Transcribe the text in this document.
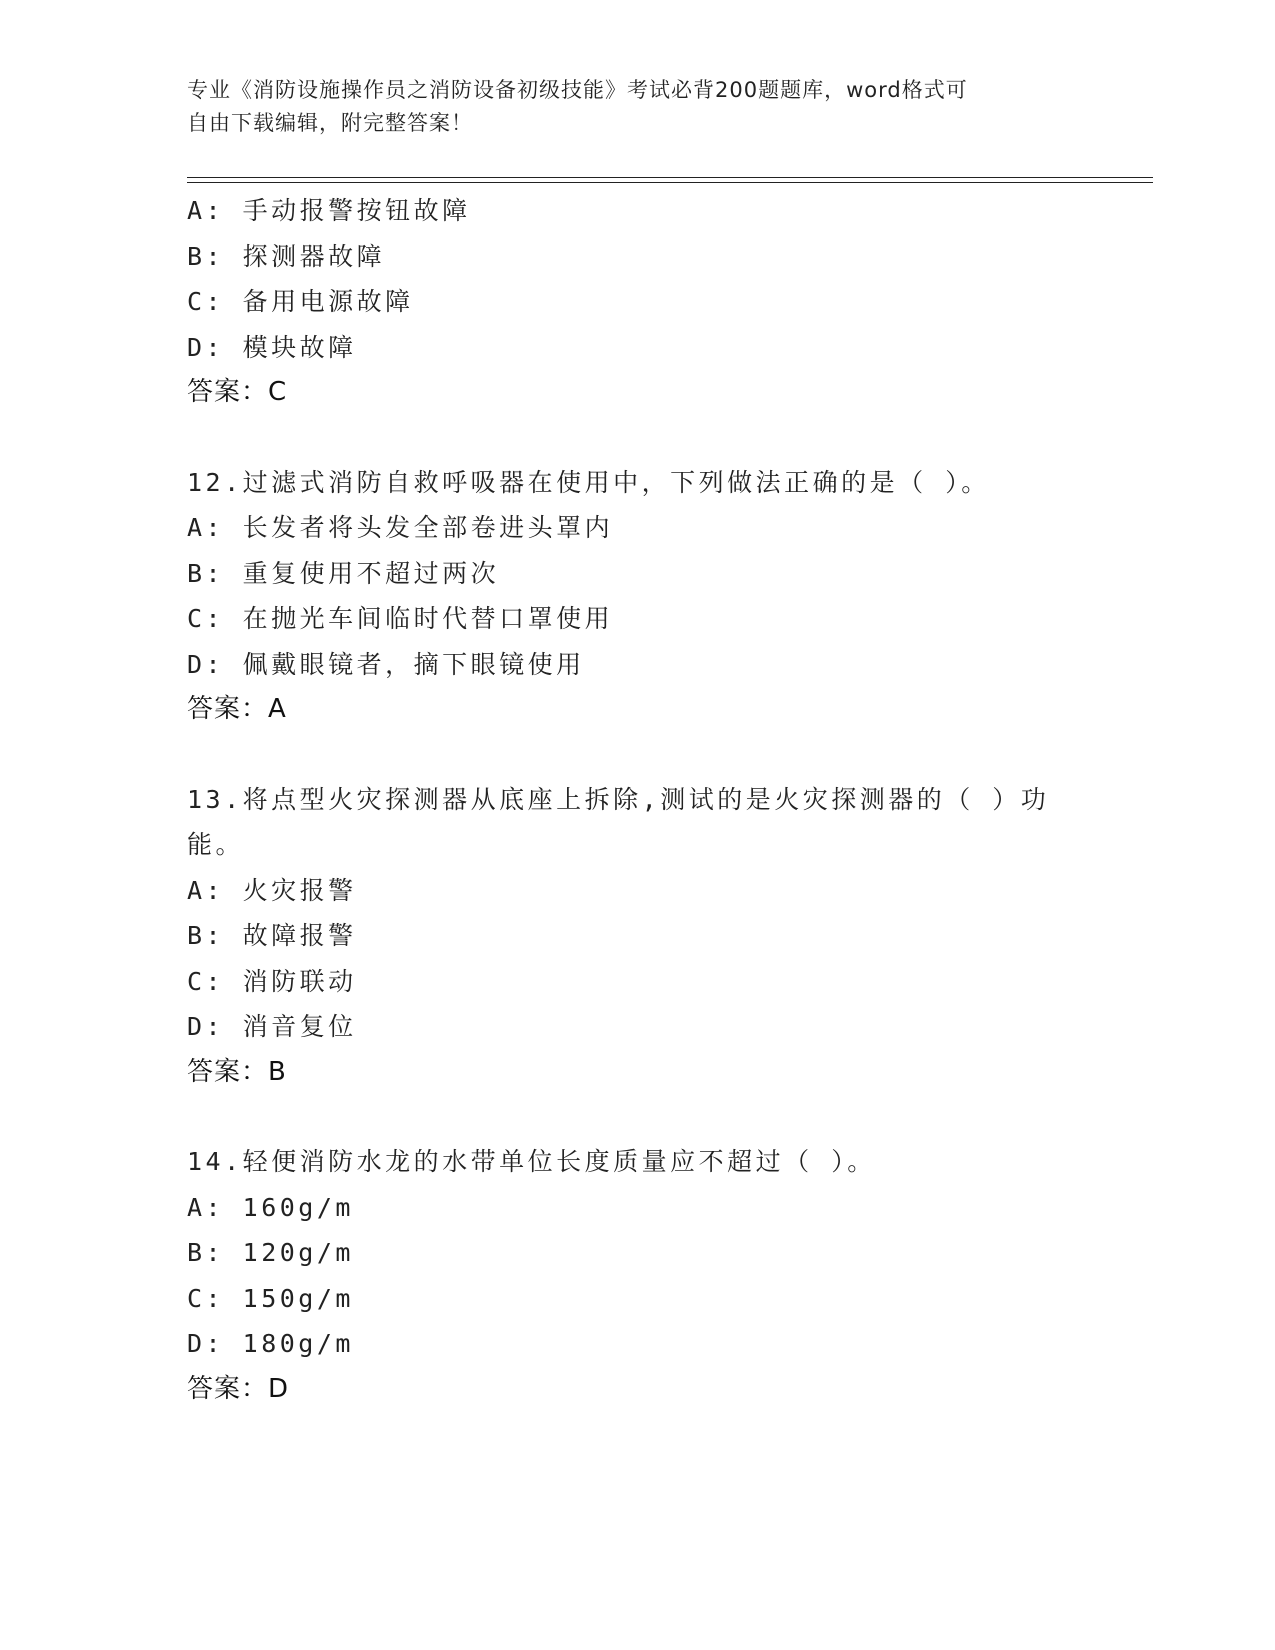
专业《消防设施操作员之消防设备初级技能》考试必背200题题库，word格式可
自由下载编辑，附完整答案！
A: 手动报警按钮故障
B: 探测器故障
C: 备用电源故障
D: 模块故障
答案：C
12.过滤式消防自救呼吸器在使用中，下列做法正确的是（ ）。
A: 长发者将头发全部卷进头罩内
B: 重复使用不超过两次
C: 在抛光车间临时代替口罩使用
D: 佩戴眼镜者，摘下眼镜使用
答案：A
13.将点型火灾探测器从底座上拆除,测试的是火灾探测器的（ ）功能。
A: 火灾报警
B: 故障报警
C: 消防联动
D: 消音复位
答案：B
14.轻便消防水龙的水带单位长度质量应不超过（ ）。
A: 160g/m
B: 120g/m
C: 150g/m
D: 180g/m
答案：D
